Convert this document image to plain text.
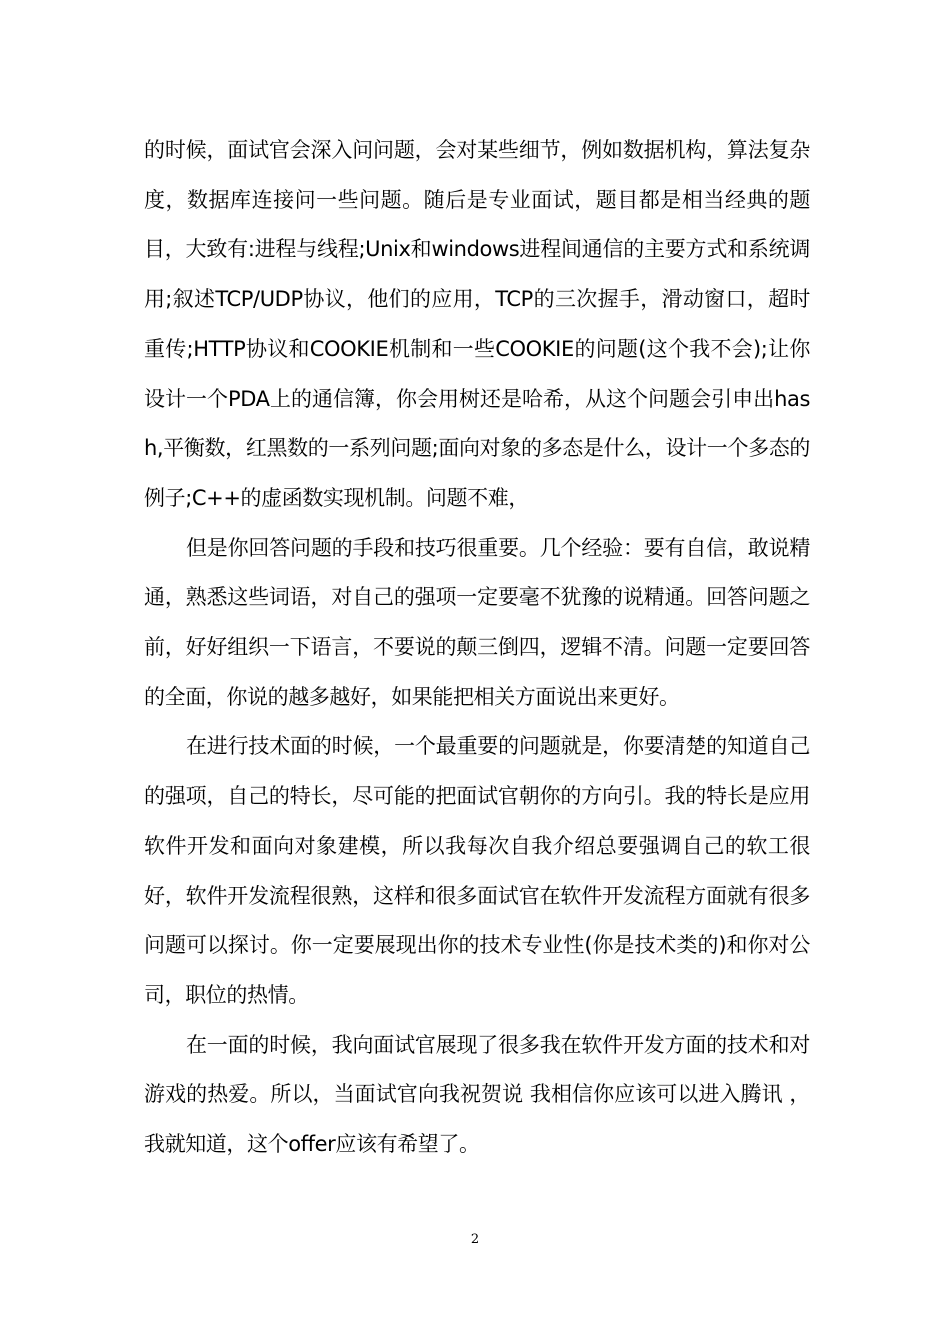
的时候，面试官会深入问问题，会对某些细节，例如数据机构，算法复杂度，数据库连接问一些问题。随后是专业面试，题目都是相当经典的题目，大致有:进程与线程;Unix和windows进程间通信的主要方式和系统调用;叙述TCP/UDP协议，他们的应用，TCP的三次握手，滑动窗口，超时重传;HTTP协议和COOKIE机制和一些COOKIE的问题(这个我不会);让你设计一个PDA上的通信簿，你会用树还是哈希，从这个问题会引申出hash,平衡数，红黑数的一系列问题;面向对象的多态是什么，设计一个多态的例子;C++的虚函数实现机制。问题不难，

但是你回答问题的手段和技巧很重要。几个经验：要有自信，敢说精通，熟悉这些词语，对自己的强项一定要毫不犹豫的说精通。回答问题之前，好好组织一下语言，不要说的颠三倒四，逻辑不清。问题一定要回答的全面，你说的越多越好，如果能把相关方面说出来更好。

在进行技术面的时候，一个最重要的问题就是，你要清楚的知道自己的强项，自己的特长，尽可能的把面试官朝你的方向引。我的特长是应用软件开发和面向对象建模，所以我每次自我介绍总要强调自己的软工很好，软件开发流程很熟，这样和很多面试官在软件开发流程方面就有很多问题可以探讨。你一定要展现出你的技术专业性(你是技术类的)和你对公司，职位的热情。

在一面的时候，我向面试官展现了很多我在软件开发方面的技术和对游戏的热爱。所以，当面试官向我祝贺说 我相信你应该可以进入腾讯 ，我就知道，这个offer应该有希望了。

2
